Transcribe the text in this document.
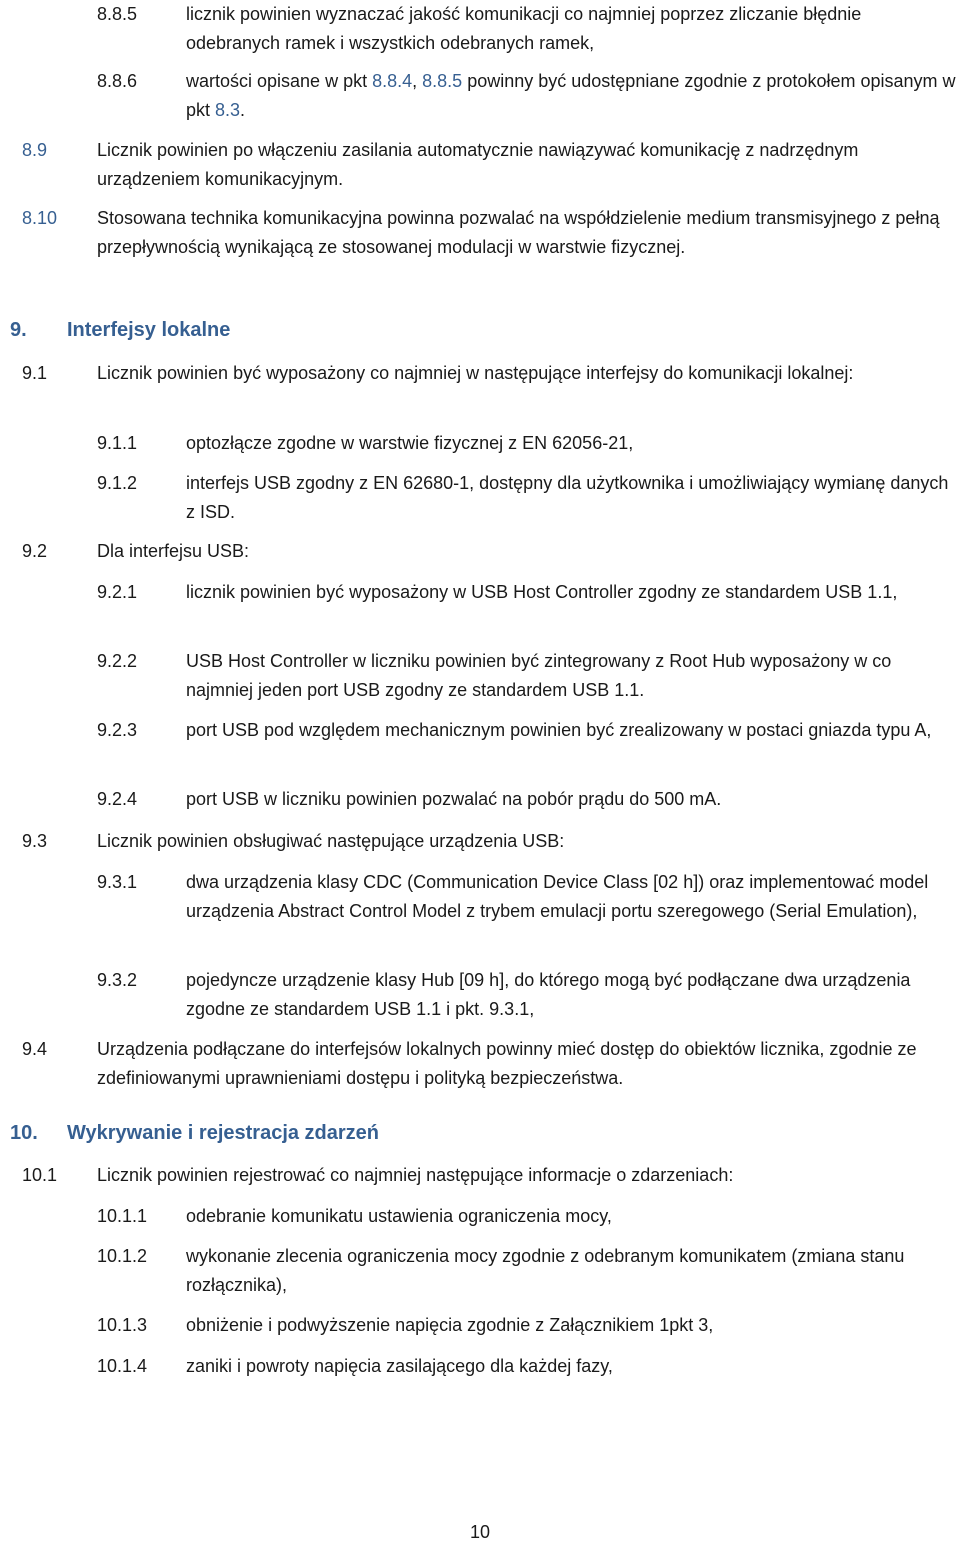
8.8.5	licznik powinien wyznaczać jakość komunikacji co najmniej poprzez zliczanie błędnie odebranych ramek i wszystkich odebranych ramek,
8.8.6	wartości opisane w pkt 8.8.4, 8.8.5 powinny być udostępniane zgodnie z protokołem opisanym w pkt 8.3.
8.9	Licznik powinien po włączeniu zasilania automatycznie nawiązywać komunikację z nadrzędnym urządzeniem komunikacyjnym.
8.10 Stosowana technika komunikacyjna powinna pozwalać na współdzielenie medium transmisyjnego z pełną przepływnością wynikającą ze stosowanej modulacji w warstwie fizycznej.
9. Interfejsy lokalne
9.1	Licznik powinien być wyposażony co najmniej w następujące interfejsy do komunikacji lokalnej:
9.1.1	optozłącze zgodne w warstwie fizycznej z EN 62056-21,
9.1.2	interfejs USB zgodny z EN 62680-1, dostępny dla użytkownika i umożliwiający wymianę danych z ISD.
9.2	Dla interfejsu USB:
9.2.1	licznik powinien być wyposażony w USB Host Controller zgodny ze standardem USB 1.1,
9.2.2	USB Host Controller w liczniku powinien być zintegrowany z Root Hub wyposażony w co najmniej jeden port USB zgodny ze standardem USB 1.1.
9.2.3	port USB pod względem mechanicznym powinien być zrealizowany w postaci gniazda typu A,
9.2.4	port USB w liczniku powinien pozwalać na pobór prądu do 500 mA.
9.3	Licznik powinien obsługiwać następujące urządzenia USB:
9.3.1	dwa urządzenia klasy CDC (Communication Device Class [02 h]) oraz implementować model urządzenia Abstract Control Model z trybem emulacji portu szeregowego (Serial Emulation),
9.3.2	pojedyncze urządzenie klasy Hub [09 h], do którego mogą być podłączane dwa urządzenia zgodne ze standardem USB 1.1 i pkt. 9.3.1,
9.4	Urządzenia podłączane do interfejsów lokalnych powinny mieć dostęp do obiektów licznika, zgodnie ze zdefiniowanymi uprawnieniami dostępu i polityką bezpieczeństwa.
10. Wykrywanie i rejestracja zdarzeń
10.1 Licznik powinien rejestrować co najmniej następujące informacje o zdarzeniach:
10.1.1 odebranie komunikatu ustawienia ograniczenia mocy,
10.1.2 wykonanie zlecenia ograniczenia mocy zgodnie z odebranym komunikatem (zmiana stanu rozłącznika),
10.1.3 obniżenie i podwyższenie napięcia zgodnie z Załącznikiem 1pkt 3,
10.1.4 zaniki i powroty napięcia zasilającego dla każdej fazy,
10
